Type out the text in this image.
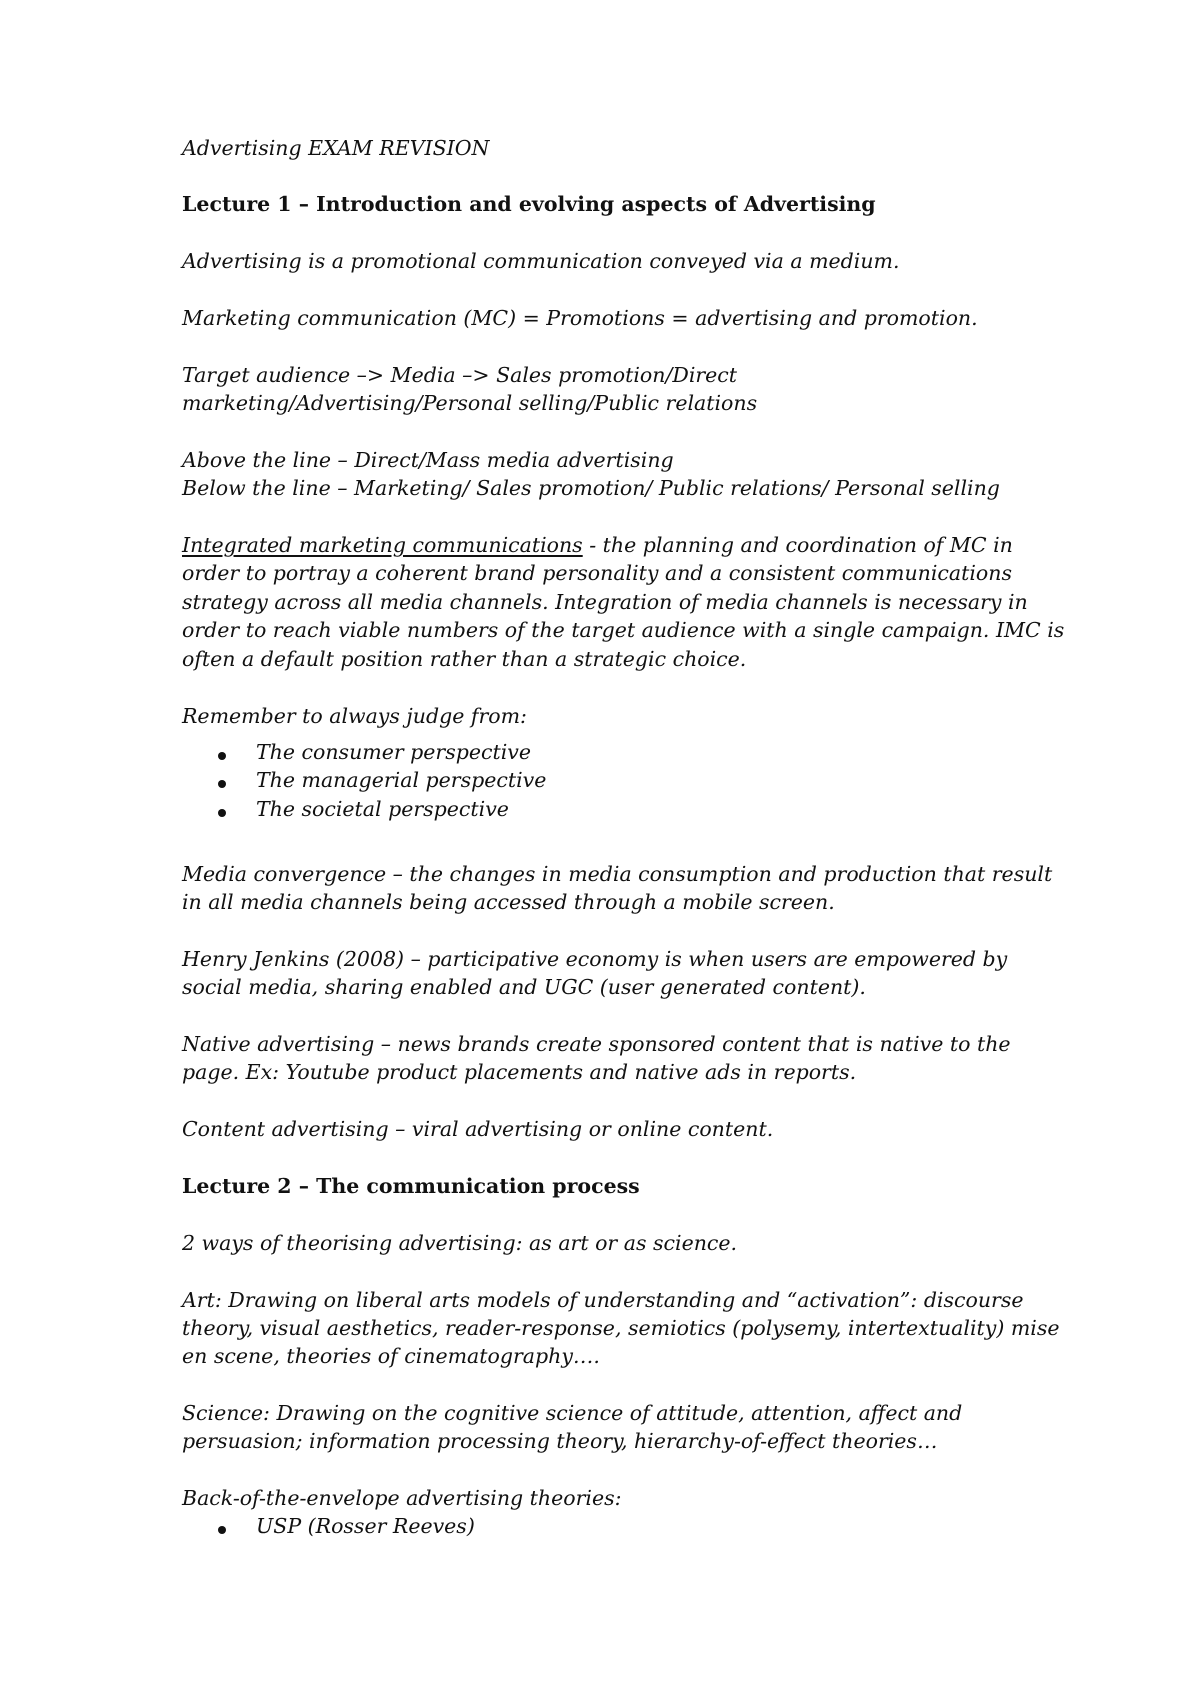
Advertising EXAM REVISION
Lecture 1 – Introduction and evolving aspects of Advertising
Advertising is a promotional communication conveyed via a medium.
Marketing communication (MC) = Promotions = advertising and promotion.
Target audience –> Media –> Sales promotion/Direct
marketing/Advertising/Personal selling/Public relations
Above the line – Direct/Mass media advertising
Below the line – Marketing/ Sales promotion/ Public relations/ Personal selling
Integrated marketing communications - the planning and coordination of MC in
order to portray a coherent brand personality and a consistent communications
strategy across all media channels. Integration of media channels is necessary in
order to reach viable numbers of the target audience with a single campaign. IMC is
often a default position rather than a strategic choice.
Remember to always judge from:
The consumer perspective
The managerial perspective
The societal perspective
Media convergence – the changes in media consumption and production that result
in all media channels being accessed through a mobile screen.
Henry Jenkins (2008) – participative economy is when users are empowered by
social media, sharing enabled and UGC (user generated content).
Native advertising – news brands create sponsored content that is native to the
page. Ex: Youtube product placements and native ads in reports.
Content advertising – viral advertising or online content.
Lecture 2 – The communication process
2 ways of theorising advertising: as art or as science.
Art: Drawing on liberal arts models of understanding and “activation”: discourse
theory, visual aesthetics, reader-response, semiotics (polysemy, intertextuality) mise
en scene, theories of cinematography….
Science: Drawing on the cognitive science of attitude, attention, affect and
persuasion; information processing theory, hierarchy-of-effect theories…
Back-of-the-envelope advertising theories:
USP (Rosser Reeves)
